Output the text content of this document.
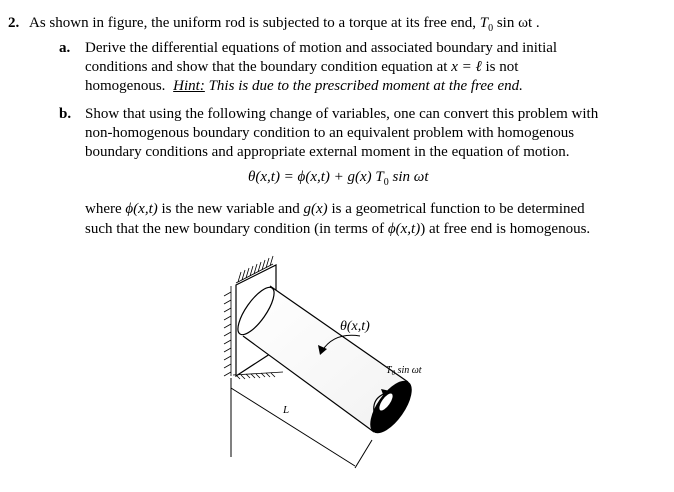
2. As shown in figure, the uniform rod is subjected to a torque at its free end, $T_0$ sin ωt .
a. Derive the differential equations of motion and associated boundary and initial
conditions and show that the boundary condition equation at x = ℓ is not
homogenous. Hint: This is due to the prescribed moment at the free end.
b. Show that using the following change of variables, one can convert this problem with
non-homogenous boundary condition to an equivalent problem with homogenous
boundary conditions and appropriate external moment in the equation of motion.
θ(x,t) = ϕ(x,t) + g(x) $T_0$ sin ωt
where ϕ(x,t) is the new variable and g(x) is a geometrical function to be determined
such that the new boundary condition (in terms of ϕ(x,t)) at free end is homogenous.
θ(x,t)
$T_0$ sin ωt
L
